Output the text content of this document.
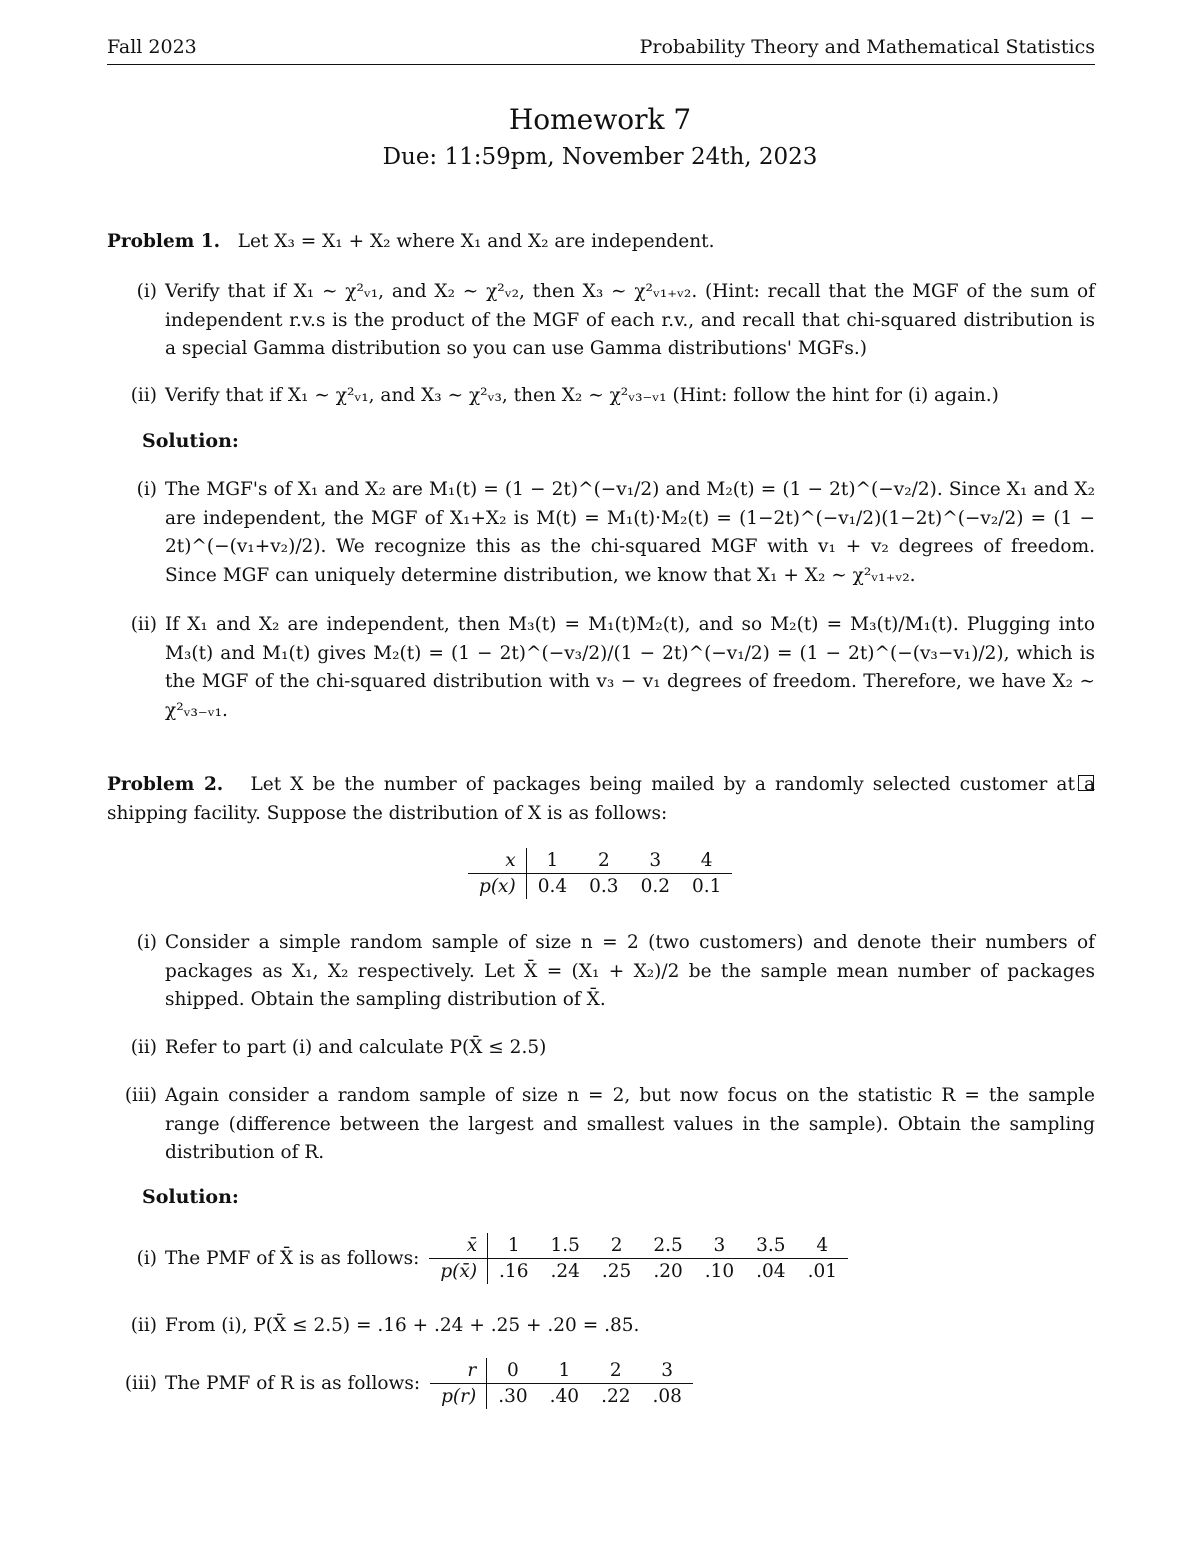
Fall 2023	Probability Theory and Mathematical Statistics
Homework 7
Due: 11:59pm, November 24th, 2023
Problem 1. Let X₃ = X₁ + X₂ where X₁ and X₂ are independent.
(i) Verify that if X₁ ∼ χ²ᵥ₁, and X₂ ∼ χ²ᵥ₂, then X₃ ∼ χ²ᵥ₁₊ᵥ₂. (Hint: recall that the MGF of the sum of independent r.v.s is the product of the MGF of each r.v., and recall that chi-squared distribution is a special Gamma distribution so you can use Gamma distributions' MGFs.)
(ii) Verify that if X₁ ∼ χ²ᵥ₁, and X₃ ∼ χ²ᵥ₃, then X₂ ∼ χ²ᵥ₃₋ᵥ₁ (Hint: follow the hint for (i) again.)
Solution:
(i) The MGF's of X₁ and X₂ are M₁(t) = (1 − 2t)^(−v₁/2) and M₂(t) = (1 − 2t)^(−v₂/2). Since X₁ and X₂ are independent, the MGF of X₁+X₂ is M(t) = M₁(t)·M₂(t) = (1−2t)^(−v₁/2)(1−2t)^(−v₂/2) = (1 − 2t)^(−(v₁+v₂)/2). We recognize this as the chi-squared MGF with v₁ + v₂ degrees of freedom. Since MGF can uniquely determine distribution, we know that X₁ + X₂ ∼ χ²ᵥ₁₊ᵥ₂.
(ii) If X₁ and X₂ are independent, then M₃(t) = M₁(t)M₂(t), and so M₂(t) = M₃(t)/M₁(t). Plugging into M₃(t) and M₁(t) gives M₂(t) = (1 − 2t)^(−v₃/2)/(1 − 2t)^(−v₁/2) = (1 − 2t)^(−(v₃−v₁)/2), which is the MGF of the chi-squared distribution with v₃ − v₁ degrees of freedom. Therefore, we have X₂ ∼ χ²ᵥ₃₋ᵥ₁.
Problem 2. Let X be the number of packages being mailed by a randomly selected customer at a shipping facility. Suppose the distribution of X is as follows:
x	1	2	3	4
p(x)	0.4	0.3	0.2	0.1
(i) Consider a simple random sample of size n = 2 (two customers) and denote their numbers of packages as X₁, X₂ respectively. Let X̄ = (X₁ + X₂)/2 be the sample mean number of packages shipped. Obtain the sampling distribution of X̄.
(ii) Refer to part (i) and calculate P(X̄ ≤ 2.5)
(iii) Again consider a random sample of size n = 2, but now focus on the statistic R = the sample range (difference between the largest and smallest values in the sample). Obtain the sampling distribution of R.
Solution:
(i) The PMF of X̄ is as follows:
x̄	1	1.5	2	2.5	3	3.5	4
p(x̄)	.16	.24	.25	.20	.10	.04	.01
(ii) From (i), P(X̄ ≤ 2.5) = .16 + .24 + .25 + .20 = .85.
(iii) The PMF of R is as follows:
r	0	1	2	3
p(r)	.30	.40	.22	.08
